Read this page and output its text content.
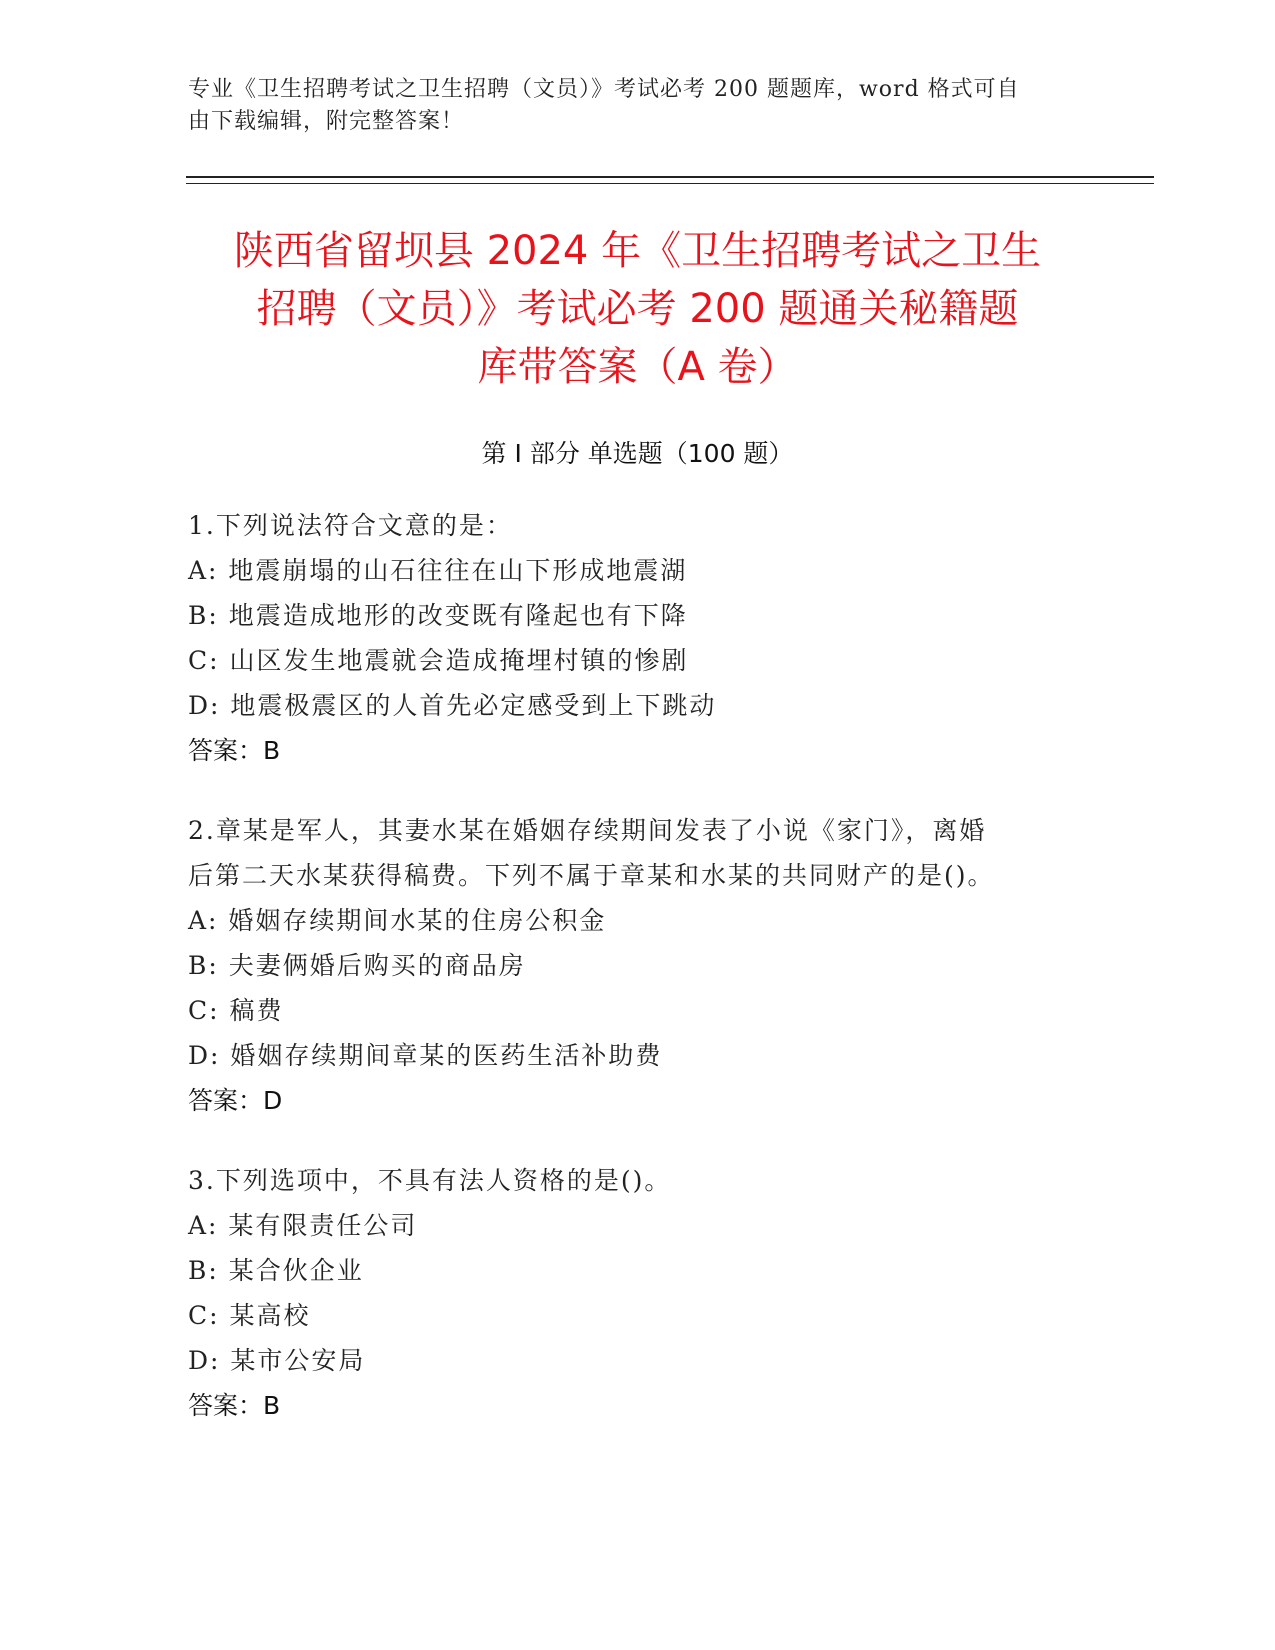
专业《卫生招聘考试之卫生招聘（文员）》考试必考 200 题题库，word 格式可自
由下载编辑，附完整答案！
陕西省留坝县 2024 年《卫生招聘考试之卫生
招聘（文员）》考试必考 200 题通关秘籍题
库带答案（A 卷）
第 I 部分 单选题（100 题）
1.下列说法符合文意的是：
A: 地震崩塌的山石往往在山下形成地震湖
B: 地震造成地形的改变既有隆起也有下降
C: 山区发生地震就会造成掩埋村镇的惨剧
D: 地震极震区的人首先必定感受到上下跳动
答案：B
2.章某是军人，其妻水某在婚姻存续期间发表了小说《家门》，离婚
后第二天水某获得稿费。下列不属于章某和水某的共同财产的是()。
A: 婚姻存续期间水某的住房公积金
B: 夫妻俩婚后购买的商品房
C: 稿费
D: 婚姻存续期间章某的医药生活补助费
答案：D
3.下列选项中，不具有法人资格的是()。
A: 某有限责任公司
B: 某合伙企业
C: 某高校
D: 某市公安局
答案：B
